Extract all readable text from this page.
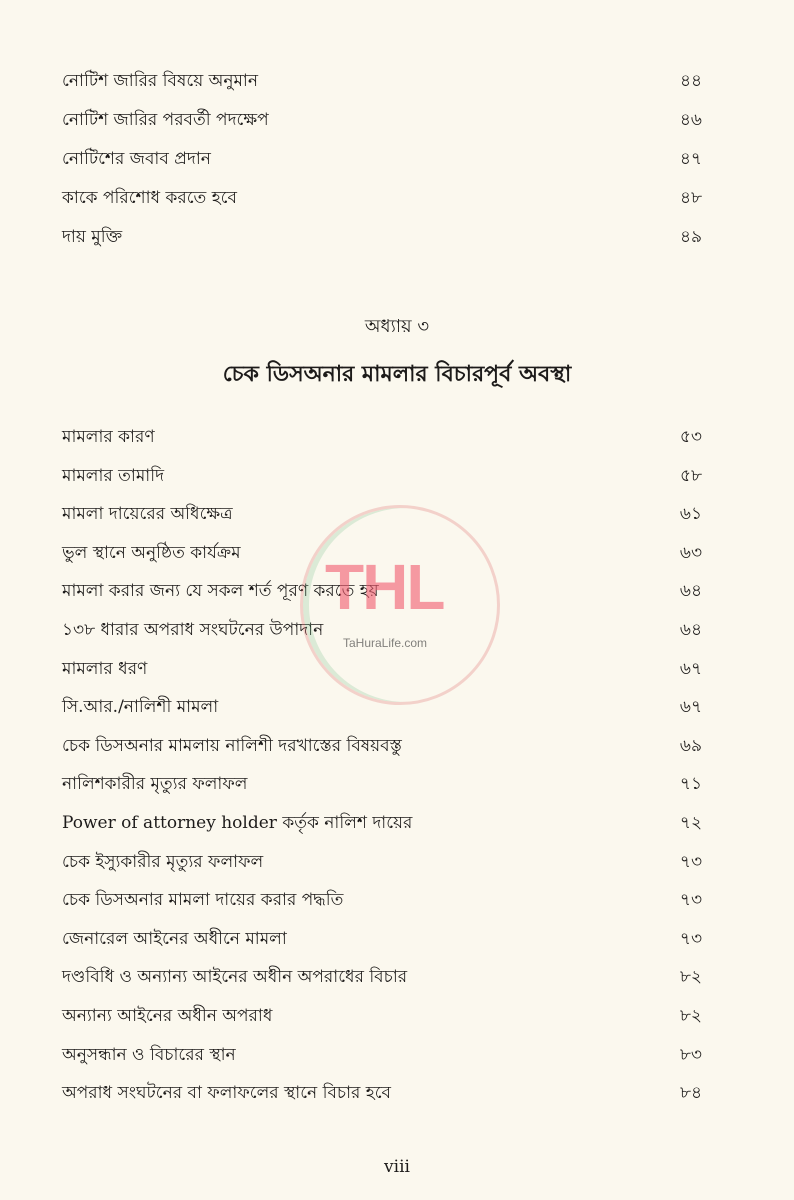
নোটিশ জারির বিষয়ে অনুমান	৪৪
নোটিশ জারির পরবর্তী পদক্ষেপ	৪৬
নোটিশের জবাব প্রদান	৪৭
কাকে পরিশোধ করতে হবে	৪৮
দায় মুক্তি	৪৯
অধ্যায় ৩
চেক ডিসঅনার মামলার বিচারপূর্ব অবস্থা
মামলার কারণ	৫৩
মামলার তামাদি	৫৮
মামলা দায়েরের অধিক্ষেত্র	৬১
ভুল স্থানে অনুষ্ঠিত কার্যক্রম	৬৩
মামলা করার জন্য যে সকল শর্ত পূরণ করতে হয়	৬৪
১৩৮ ধারার অপরাধ সংঘটনের উপাদান	৬৪
মামলার ধরণ	৬৭
সি.আর./নালিশী মামলা	৬৭
চেক ডিসঅনার মামলায় নালিশী দরখাস্তের বিষয়বস্তু	৬৯
নালিশকারীর মৃত্যুর ফলাফল	৭১
Power of attorney holder কর্তৃক নালিশ দায়ের	৭২
চেক ইস্যুকারীর মৃত্যুর ফলাফল	৭৩
চেক ডিসঅনার মামলা দায়ের করার পদ্ধতি	৭৩
জেনারেল আইনের অধীনে মামলা	৭৩
দণ্ডবিধি ও অন্যান্য আইনের অধীন অপরাধের বিচার	৮২
অন্যান্য আইনের অধীন অপরাধ	৮২
অনুসন্ধান ও বিচারের স্থান	৮৩
অপরাধ সংঘটনের বা ফলাফলের স্থানে বিচার হবে	৮৪
THL
TaHuraLife.com
viii
